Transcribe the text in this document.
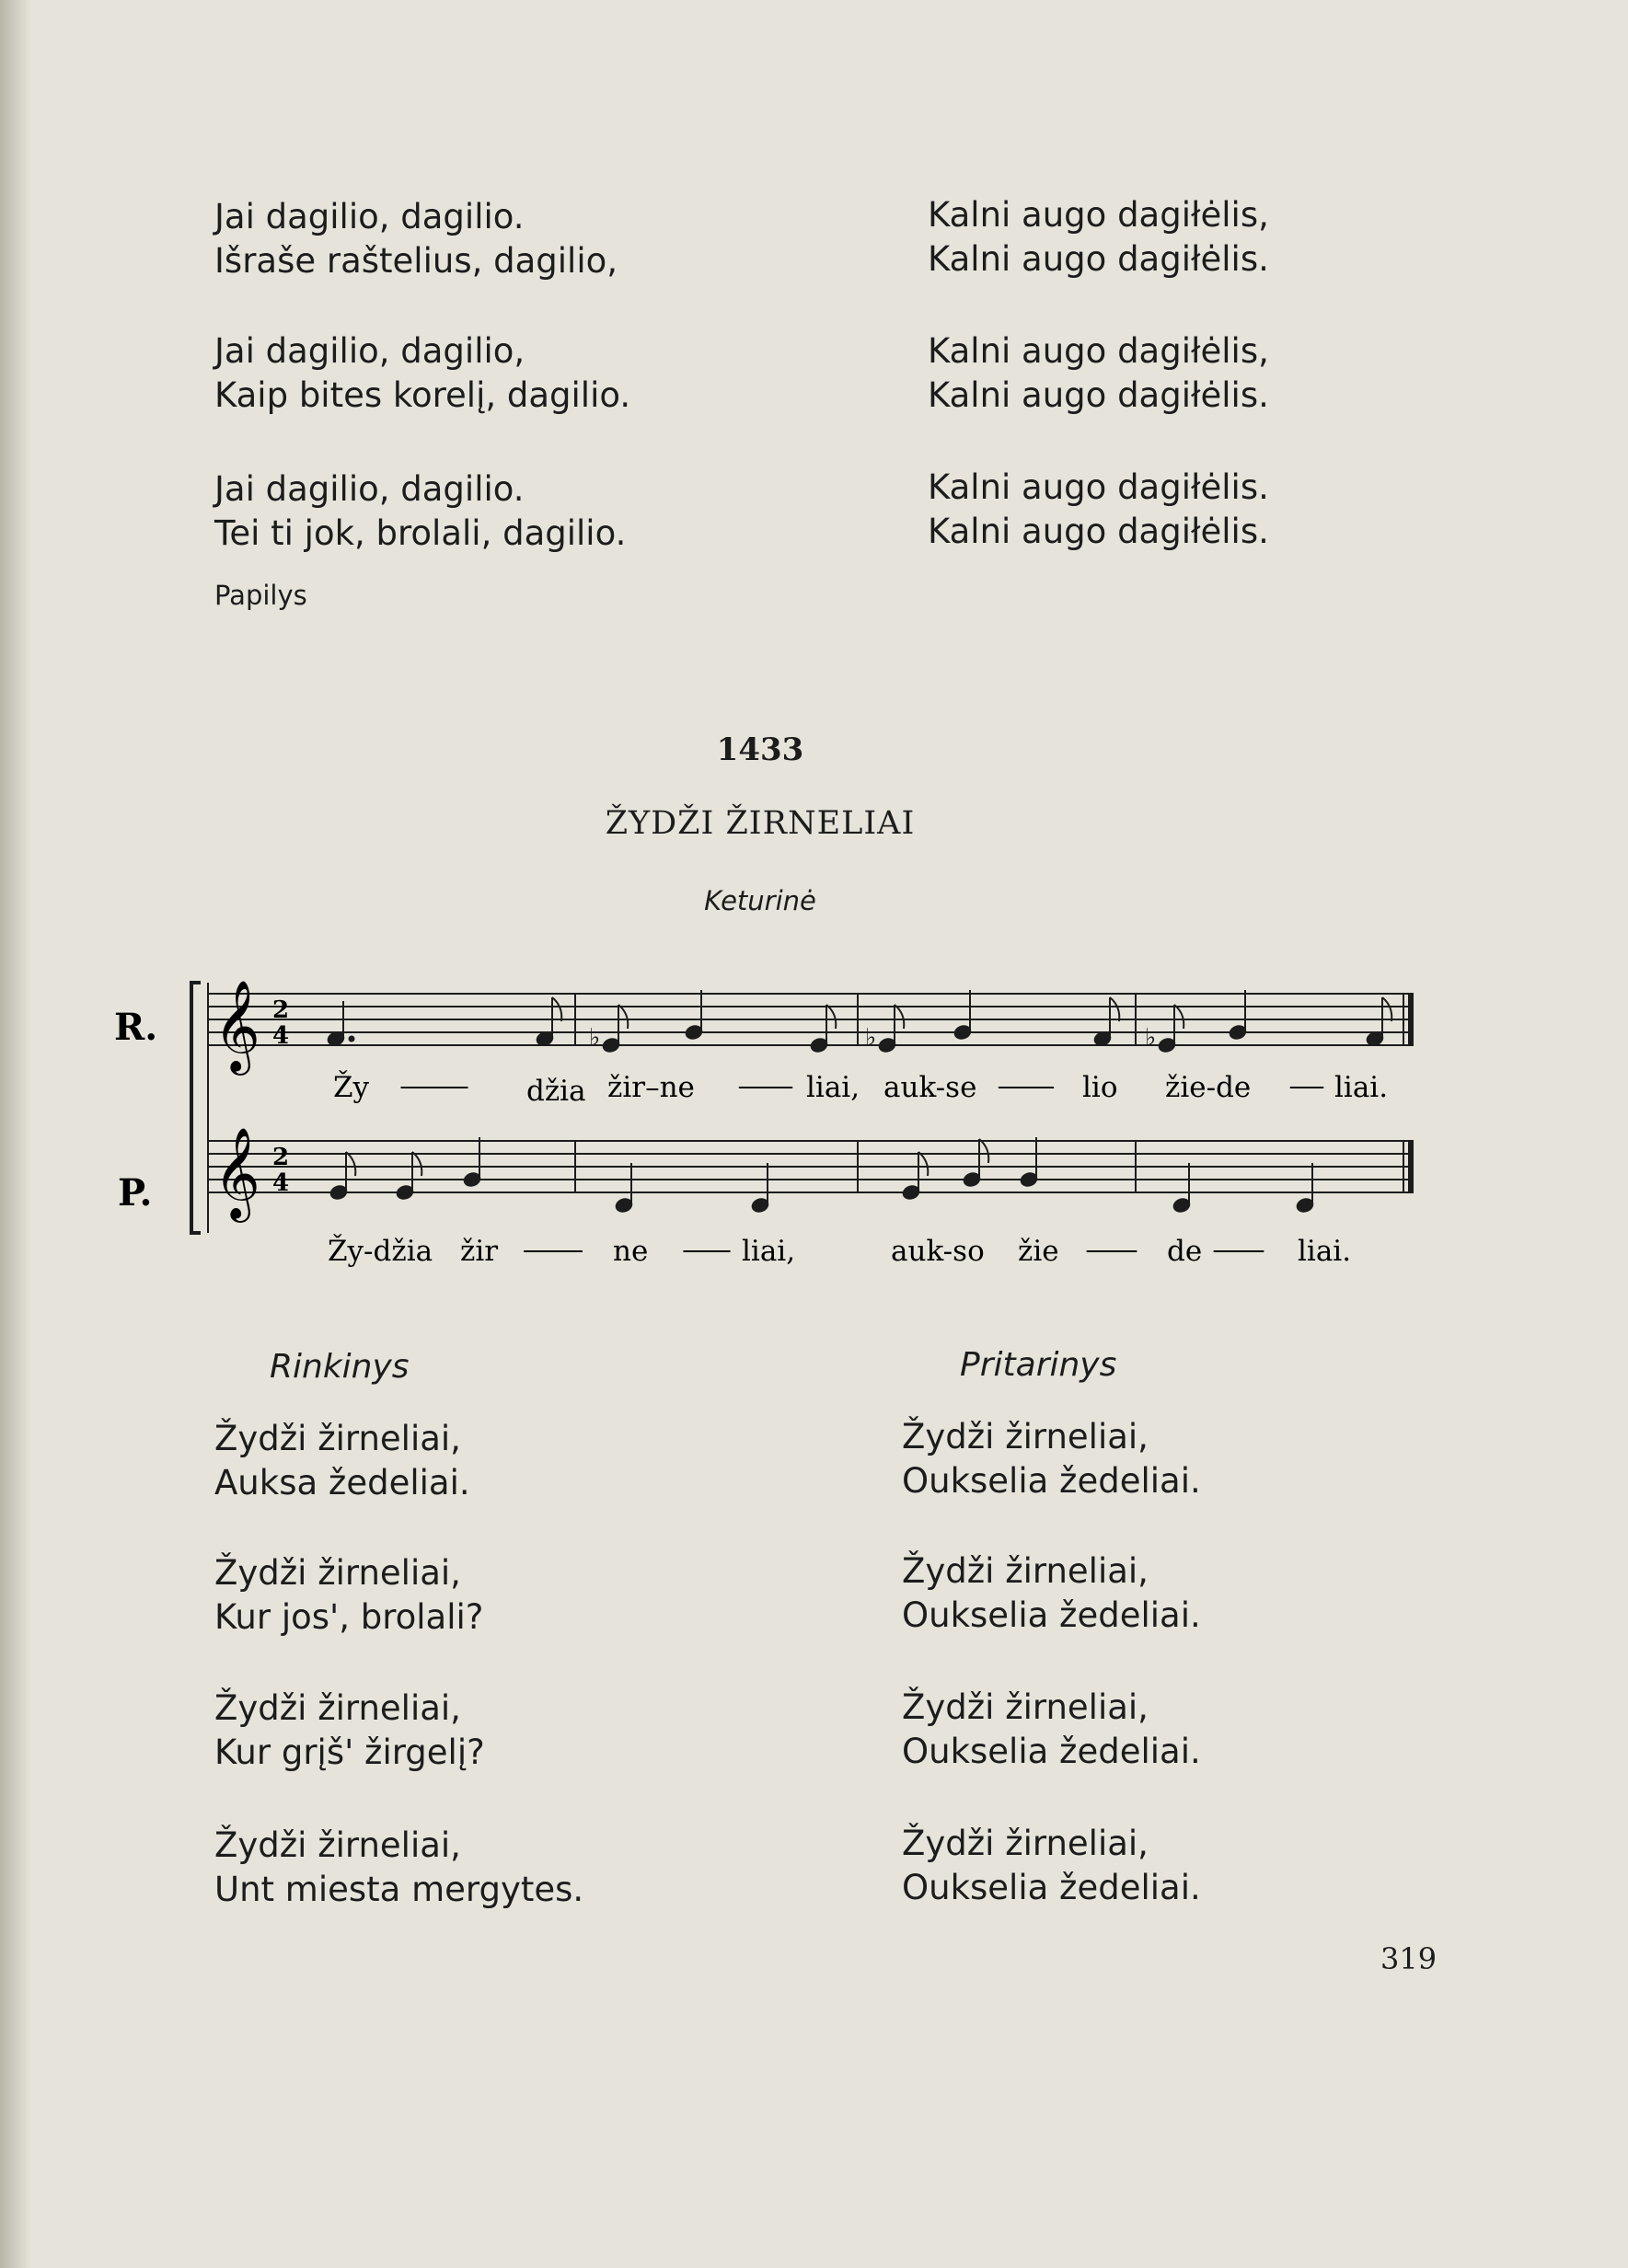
Jai dagilio, dagilio.
Išraše raštelius, dagilio,
Jai dagilio, dagilio,
Kaip bites korelį, dagilio.
Jai dagilio, dagilio.
Tei ti jok, brolali, dagilio.
Kalni augo dagiłėlis,
Kalni augo dagiłėlis.
Kalni augo dagiłėlis,
Kalni augo dagiłėlis.
Kalni augo dagiłėlis.
Kalni augo dagiłėlis.
Papilys
1433
ŽYDŽI ŽIRNELIAI
Keturinė
R.
P.
𝄞
𝄞
2
4
2
4
♭	♭	♭
Žy — džia žir–ne — liai, auk-se — lio žie-de — liai.
Žy-džia žir — ne — liai,	auk-so žie — de — liai.
Rinkinys	Pritarinys
Žydži žirneliai,
Auksa žedeliai.
Žydži žirneliai,
Kur jos', brolali?
Žydži žirneliai,
Kur grįš' žirgelį?
Žydži žirneliai,
Unt miesta mergytes.
Žydži žirneliai,
Ouksel​ia žedeliai.
Žydži žirneliai,
Ouksel​ia žedeliai.
Žydži žirneliai,
Ouksel​ia žedeliai.
Žydži žirneliai,
Ouksel​ia žedeliai.
319
